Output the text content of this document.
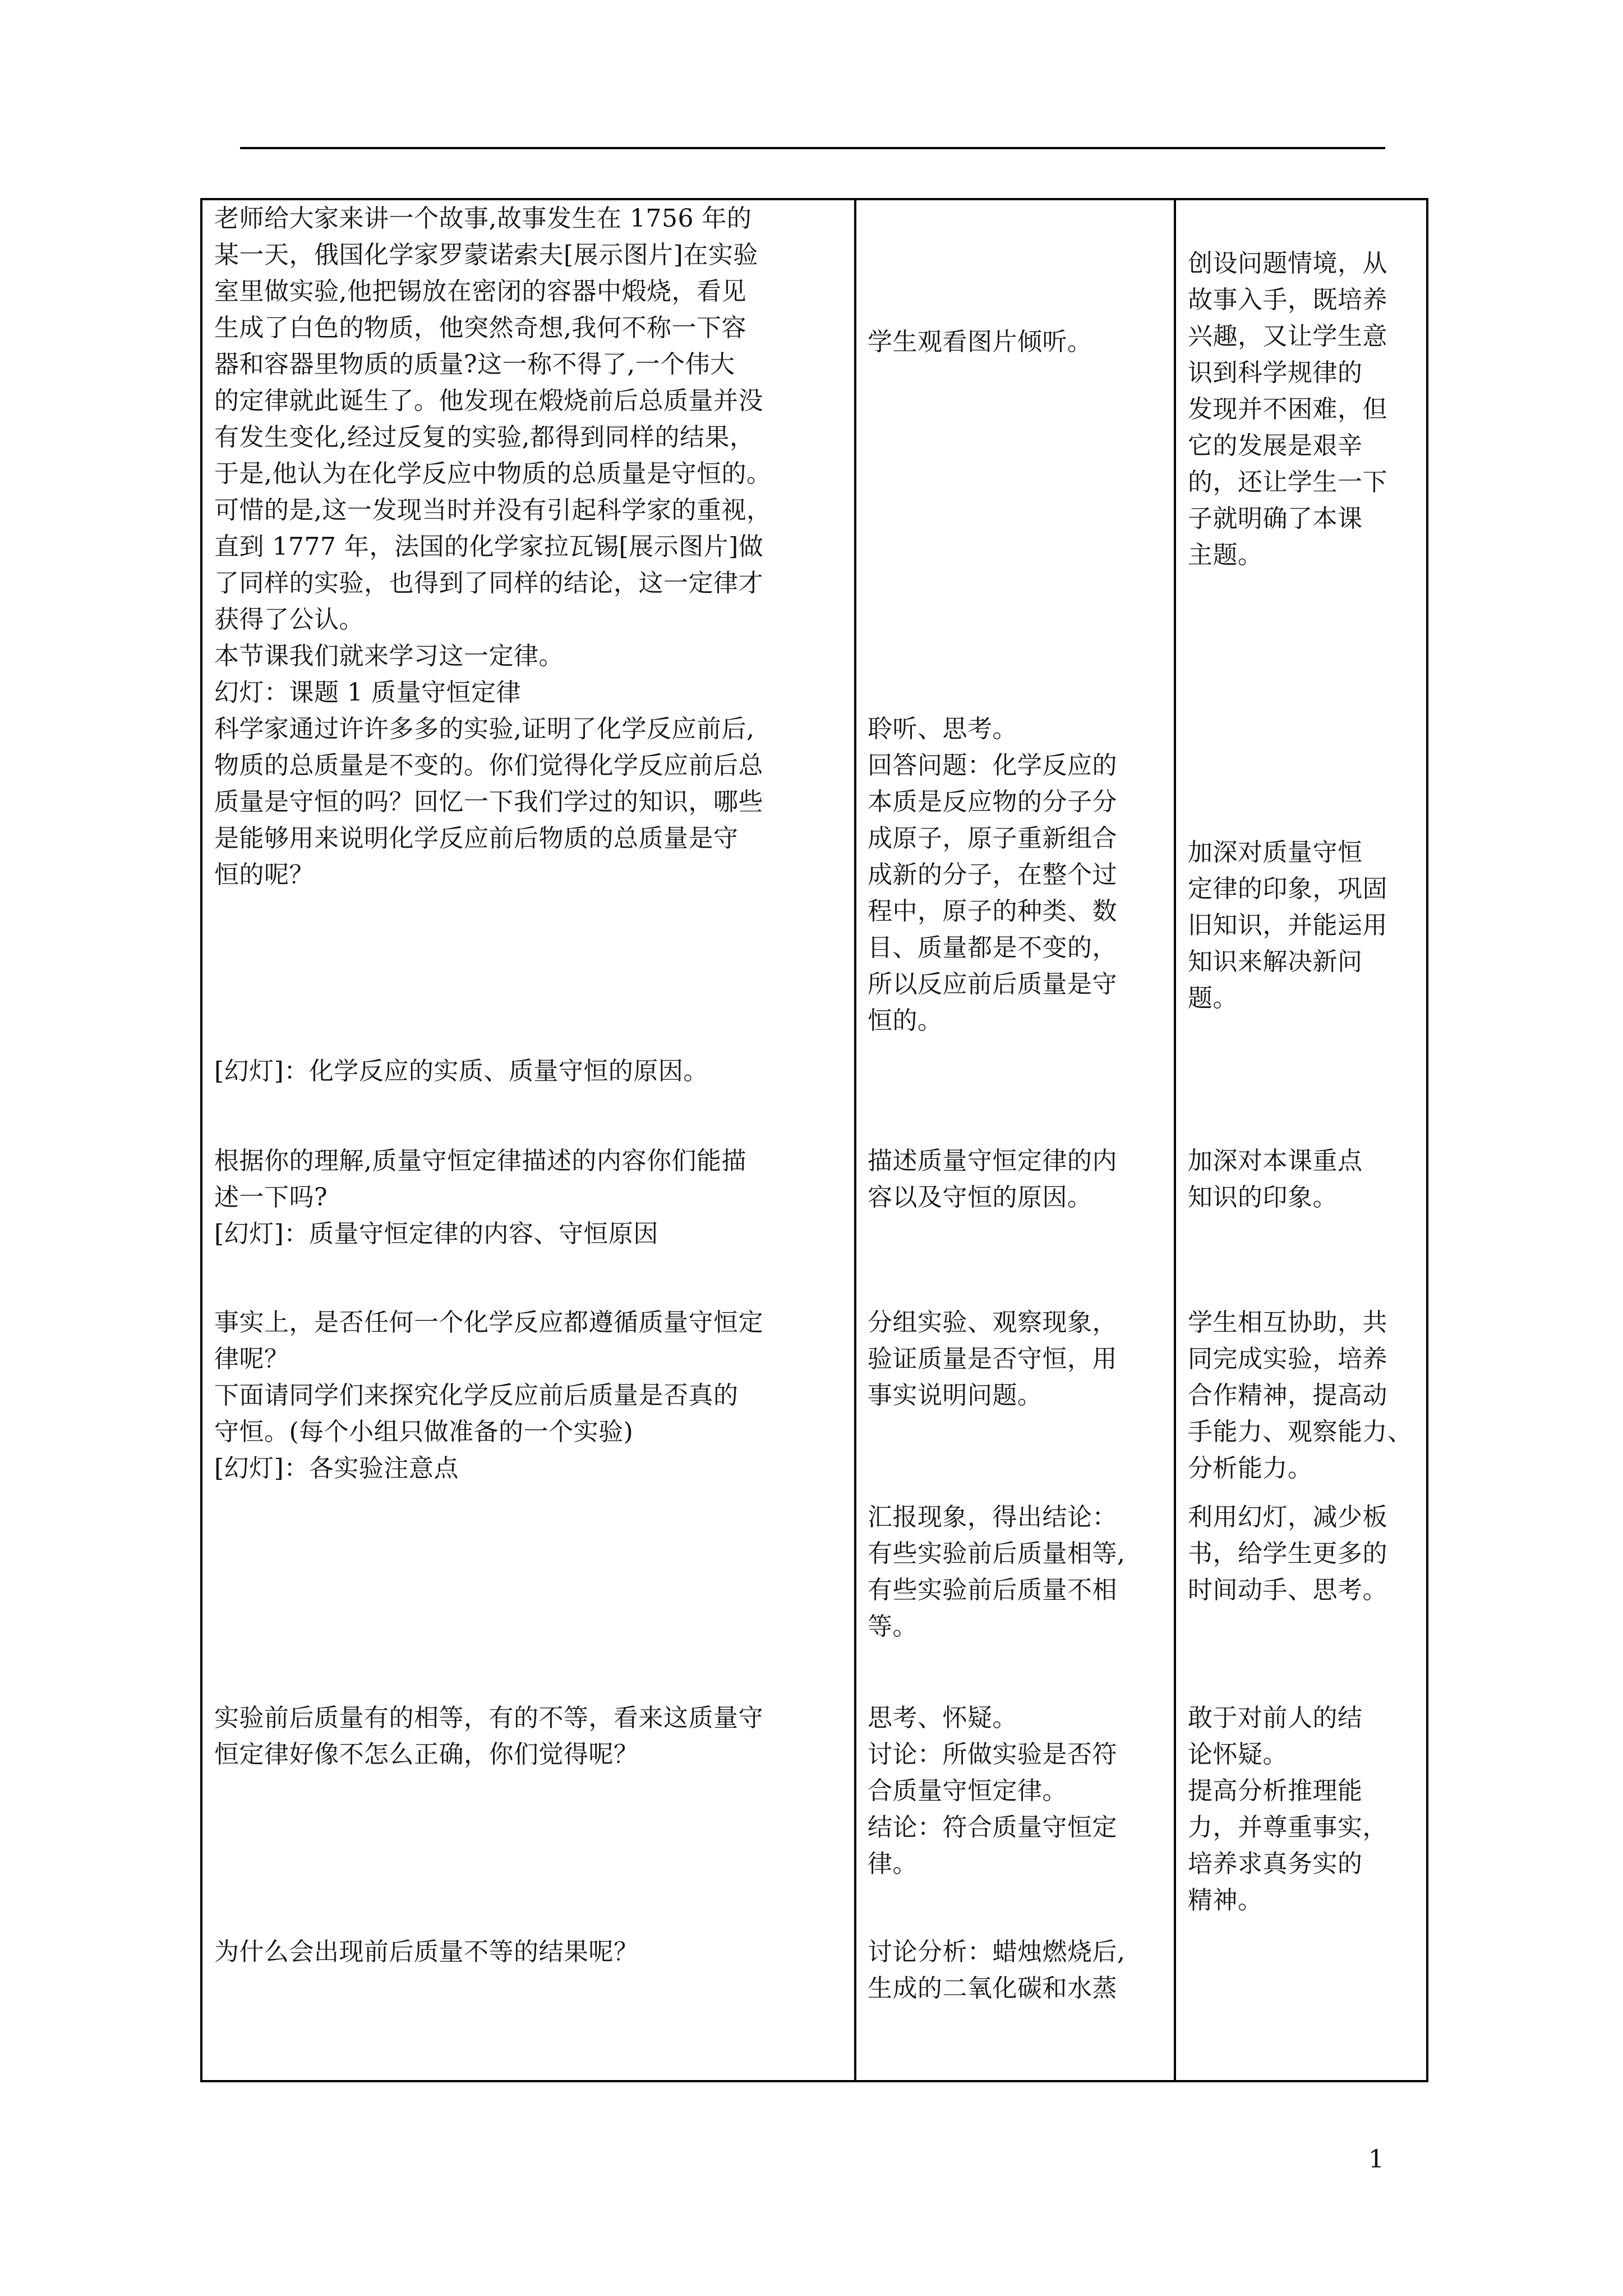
老师给大家来讲一个故事,故事发生在 1756 年的
某一天，俄国化学家罗蒙诺索夫[展示图片]在实验
室里做实验,他把锡放在密闭的容器中煅烧，看见
生成了白色的物质，他突然奇想,我何不称一下容
器和容器里物质的质量?这一称不得了,一个伟大
的定律就此诞生了。他发现在煅烧前后总质量并没
有发生变化,经过反复的实验,都得到同样的结果，
于是,他认为在化学反应中物质的总质量是守恒的。
可惜的是,这一发现当时并没有引起科学家的重视，
直到 1777 年，法国的化学家拉瓦锡[展示图片]做
了同样的实验，也得到了同样的结论，这一定律才
获得了公认。
本节课我们就来学习这一定律。
幻灯：课题 1 质量守恒定律
科学家通过许许多多的实验,证明了化学反应前后,
物质的总质量是不变的。你们觉得化学反应前后总
质量是守恒的吗？回忆一下我们学过的知识，哪些
是能够用来说明化学反应前后物质的总质量是守
恒的呢？
[幻灯]：化学反应的实质、质量守恒的原因。
根据你的理解,质量守恒定律描述的内容你们能描
述一下吗?
[幻灯]：质量守恒定律的内容、守恒原因
事实上，是否任何一个化学反应都遵循质量守恒定
律呢？
下面请同学们来探究化学反应前后质量是否真的
守恒。(每个小组只做准备的一个实验)
[幻灯]：各实验注意点
实验前后质量有的相等，有的不等，看来这质量守
恒定律好像不怎么正确，你们觉得呢？
为什么会出现前后质量不等的结果呢？
学生观看图片倾听。
聆听、思考。
回答问题：化学反应的
本质是反应物的分子分
成原子，原子重新组合
成新的分子，在整个过
程中，原子的种类、数
目、质量都是不变的，
所以反应前后质量是守
恒的。
描述质量守恒定律的内
容以及守恒的原因。
分组实验、观察现象，
验证质量是否守恒，用
事实说明问题。
汇报现象，得出结论：
有些实验前后质量相等,
有些实验前后质量不相
等。
思考、怀疑。
讨论：所做实验是否符
合质量守恒定律。
结论：符合质量守恒定
律。
讨论分析：蜡烛燃烧后,
生成的二氧化碳和水蒸
创设问题情境，从
故事入手，既培养
兴趣，又让学生意
识到科学规律的
发现并不困难，但
它的发展是艰辛
的，还让学生一下
子就明确了本课
主题。
加深对质量守恒
定律的印象，巩固
旧知识，并能运用
知识来解决新问
题。
加深对本课重点
知识的印象。
学生相互协助，共
同完成实验，培养
合作精神，提高动
手能力、观察能力、
分析能力。
利用幻灯，减少板
书，给学生更多的
时间动手、思考。
敢于对前人的结
论怀疑。
提高分析推理能
力，并尊重事实，
培养求真务实的
精神。
1
